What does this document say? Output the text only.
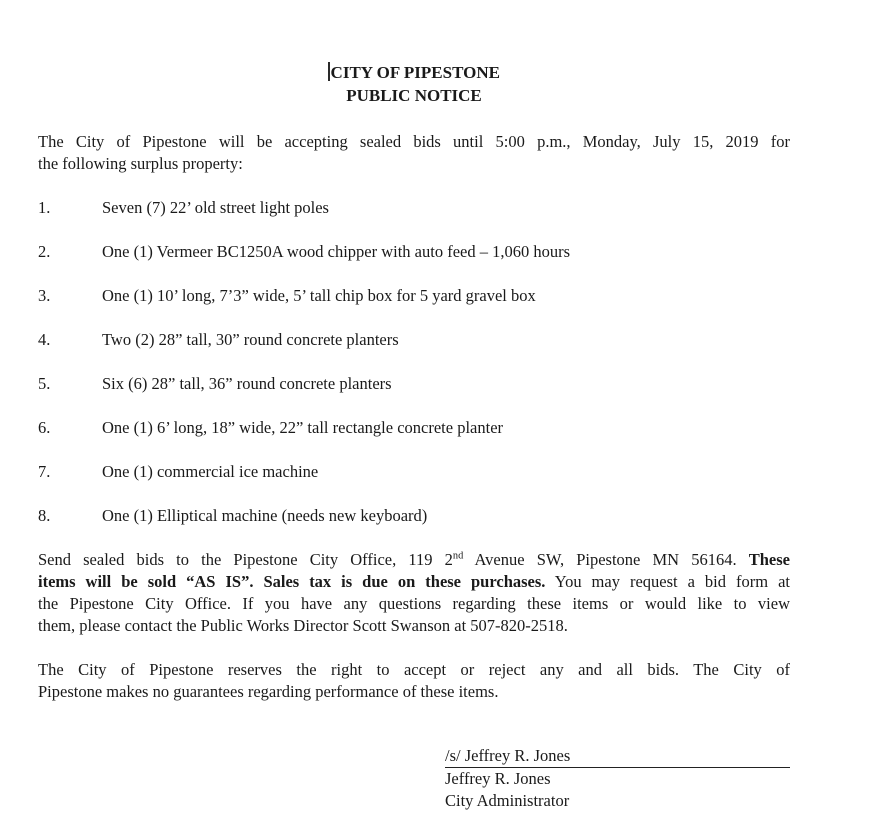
CITY OF PIPESTONE
PUBLIC NOTICE
The City of Pipestone will be accepting sealed bids until 5:00 p.m., Monday, July 15, 2019 for
the following surplus property:
1.	Seven (7) 22’ old street light poles
2.	One (1) Vermeer BC1250A wood chipper with auto feed – 1,060 hours
3.	One (1) 10’ long, 7’3” wide, 5’ tall chip box for 5 yard gravel box
4.	Two (2) 28” tall, 30” round concrete planters
5.	Six (6) 28” tall, 36” round concrete planters
6.	One (1) 6’ long, 18” wide, 22” tall rectangle concrete planter
7.	One (1) commercial ice machine
8.	One (1) Elliptical machine (needs new keyboard)
Send sealed bids to the Pipestone City Office, 119 2nd Avenue SW, Pipestone MN 56164. These
items will be sold “AS IS”. Sales tax is due on these purchases. You may request a bid form at
the Pipestone City Office. If you have any questions regarding these items or would like to view
them, please contact the Public Works Director Scott Swanson at 507-820-2518.
The City of Pipestone reserves the right to accept or reject any and all bids. The City of
Pipestone makes no guarantees regarding performance of these items.
/s/ Jeffrey R. Jones
Jeffrey R. Jones
City Administrator
